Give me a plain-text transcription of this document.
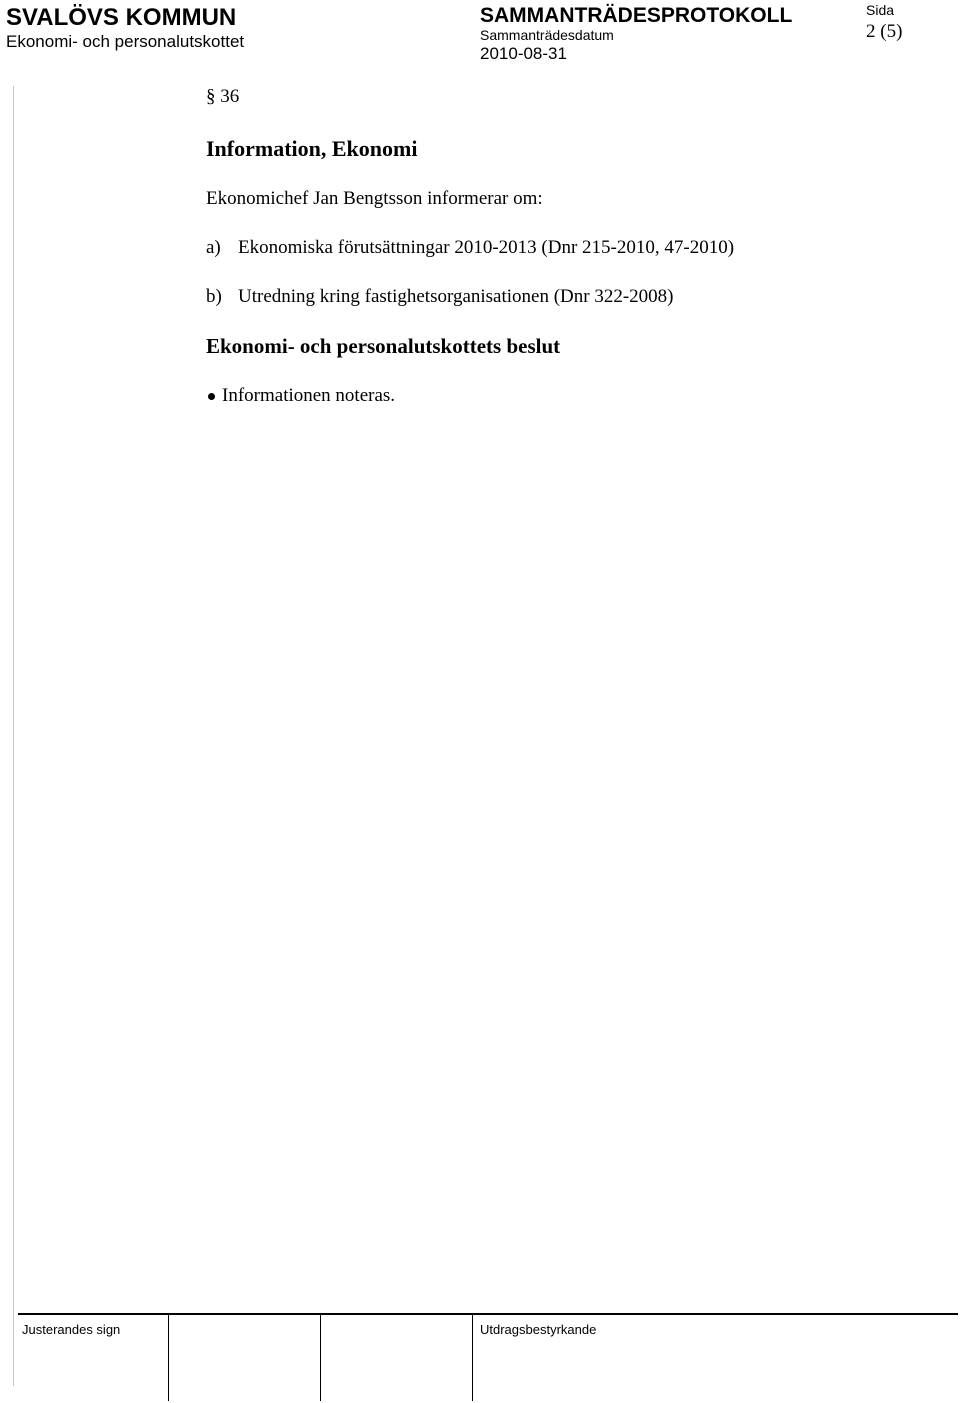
SVALÖVS KOMMUN
Ekonomi- och personalutskottet
SAMMANTRÄDESPROTOKOLL
Sammanträdesdatum
2010-08-31
Sida
2 (5)
§ 36
Information, Ekonomi
Ekonomichef Jan Bengtsson informerar om:
a) Ekonomiska förutsättningar 2010-2013 (Dnr 215-2010, 47-2010)
b) Utredning kring fastighetsorganisationen (Dnr 322-2008)
Ekonomi- och personalutskottets beslut
Informationen noteras.
Justerandes sign	Utdragsbestyrkande
